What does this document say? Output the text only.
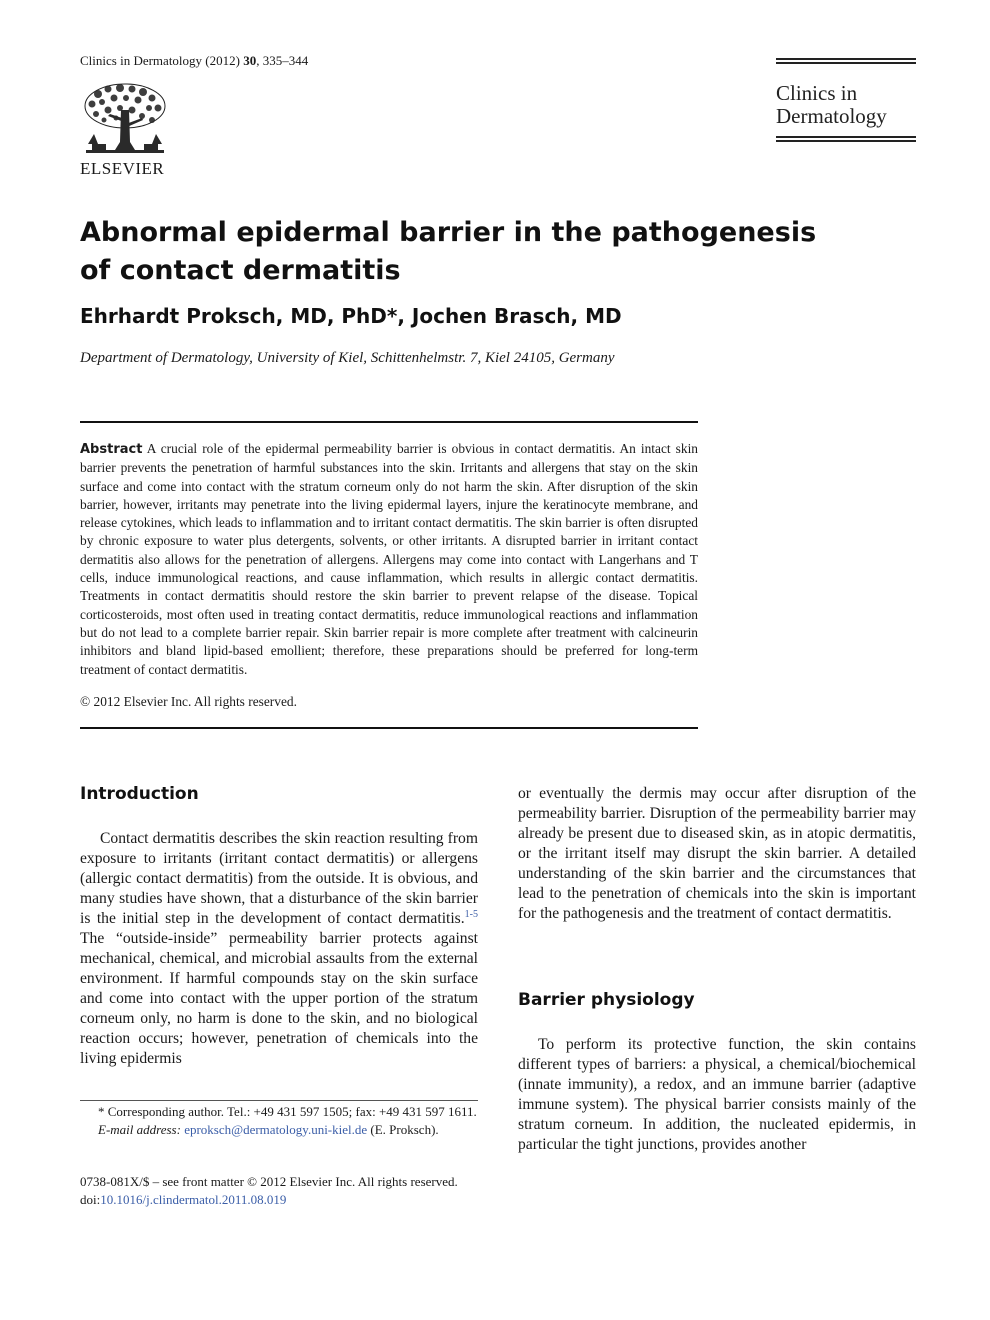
Clinics in Dermatology (2012) 30, 335–344
ELSEVIER
Clinics in
Dermatology
Abnormal epidermal barrier in the pathogenesis of contact dermatitis
Ehrhardt Proksch, MD, PhD*, Jochen Brasch, MD
Department of Dermatology, University of Kiel, Schittenhelmstr. 7, Kiel 24105, Germany
Abstract A crucial role of the epidermal permeability barrier is obvious in contact dermatitis. An intact skin barrier prevents the penetration of harmful substances into the skin. Irritants and allergens that stay on the skin surface and come into contact with the stratum corneum only do not harm the skin. After disruption of the skin barrier, however, irritants may penetrate into the living epidermal layers, injure the keratinocyte membrane, and release cytokines, which leads to inflammation and to irritant contact dermatitis. The skin barrier is often disrupted by chronic exposure to water plus detergents, solvents, or other irritants. A disrupted barrier in irritant contact dermatitis also allows for the penetration of allergens. Allergens may come into contact with Langerhans and T cells, induce immunological reactions, and cause inflammation, which results in allergic contact dermatitis. Treatments in contact dermatitis should restore the skin barrier to prevent relapse of the disease. Topical corticosteroids, most often used in treating contact dermatitis, reduce immunological reactions and inflammation but do not lead to a complete barrier repair. Skin barrier repair is more complete after treatment with calcineurin inhibitors and bland lipid-based emollient; therefore, these preparations should be preferred for long-term treatment of contact dermatitis.
© 2012 Elsevier Inc. All rights reserved.
Introduction

Contact dermatitis describes the skin reaction resulting from exposure to irritants (irritant contact dermatitis) or allergens (allergic contact dermatitis) from the outside. It is obvious, and many studies have shown, that a disturbance of the skin barrier is the initial step in the development of contact dermatitis.$^{1-5}$ The “outside-inside” permeability barrier protects against mechanical, chemical, and microbial assaults from the external environment. If harmful compounds stay on the skin surface and come into contact with the upper portion of the stratum corneum only, no harm is done to the skin, and no biological reaction occurs; however, penetration of chemicals into the living epidermis

* Corresponding author. Tel.: +49 431 597 1505; fax: +49 431 597 1611.
E-mail address: eproksch@dermatology.uni-kiel.de (E. Proksch).
0738-081X/$ – see front matter © 2012 Elsevier Inc. All rights reserved.
doi:10.1016/j.clindermatol.2011.08.019

or eventually the dermis may occur after disruption of the permeability barrier. Disruption of the permeability barrier may already be present due to diseased skin, as in atopic dermatitis, or the irritant itself may disrupt the skin barrier. A detailed understanding of the skin barrier and the circumstances that lead to the penetration of chemicals into the skin is important for the pathogenesis and the treatment of contact dermatitis.

Barrier physiology

To perform its protective function, the skin contains different types of barriers: a physical, a chemical/biochemical (innate immunity), a redox, and an immune barrier (adaptive immune system). The physical barrier consists mainly of the stratum corneum. In addition, the nucleated epidermis, in particular the tight junctions, provides another
